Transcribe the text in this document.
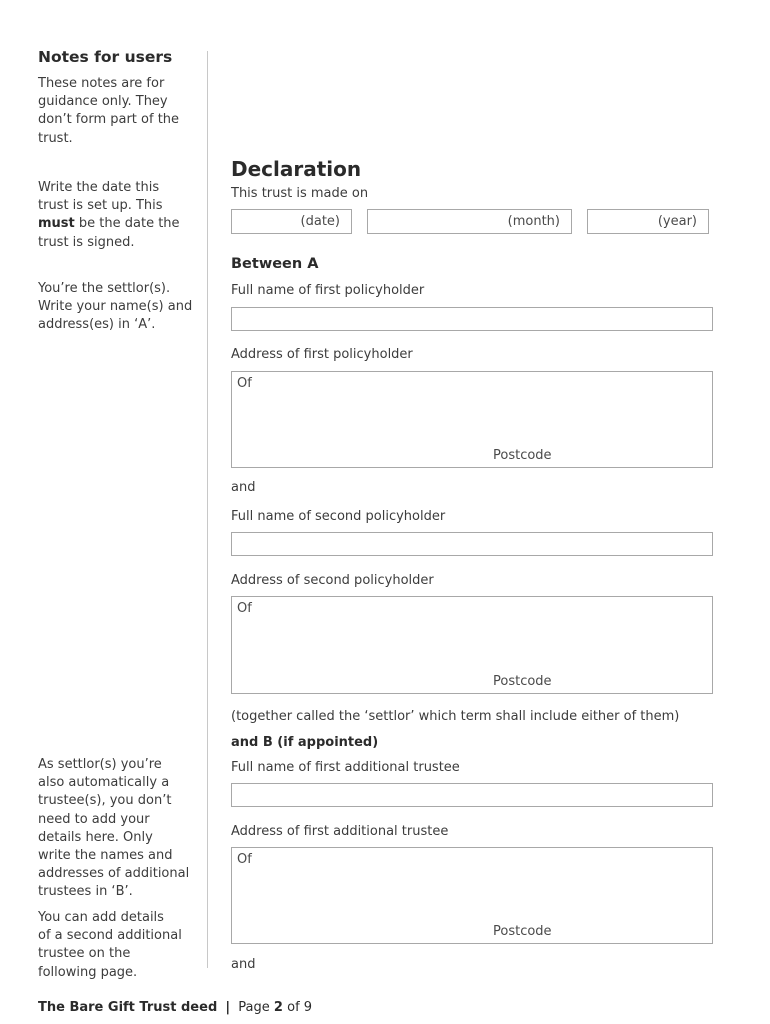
Notes for users
These notes are for
guidance only. They
don’t form part of the
trust.
Write the date this
trust is set up. This
must be the date the
trust is signed.
You’re the settlor(s).
Write your name(s) and
address(es) in ‘A’.
As settlor(s) you’re
also automatically a
trustee(s), you don’t
need to add your
details here. Only
write the names and
addresses of additional
trustees in ‘B’.
You can add details
of a second additional
trustee on the
following page.
Declaration
This trust is made on
(date)	(month)	(year)
Between A
Full name of first policyholder
Address of first policyholder
Of
Postcode
and
Full name of second policyholder
Address of second policyholder
Of
Postcode
(together called the ‘settlor’ which term shall include either of them)
and B (if appointed)
Full name of first additional trustee
Address of first additional trustee
Of
Postcode
and
The Bare Gift Trust deed | Page 2 of 9
